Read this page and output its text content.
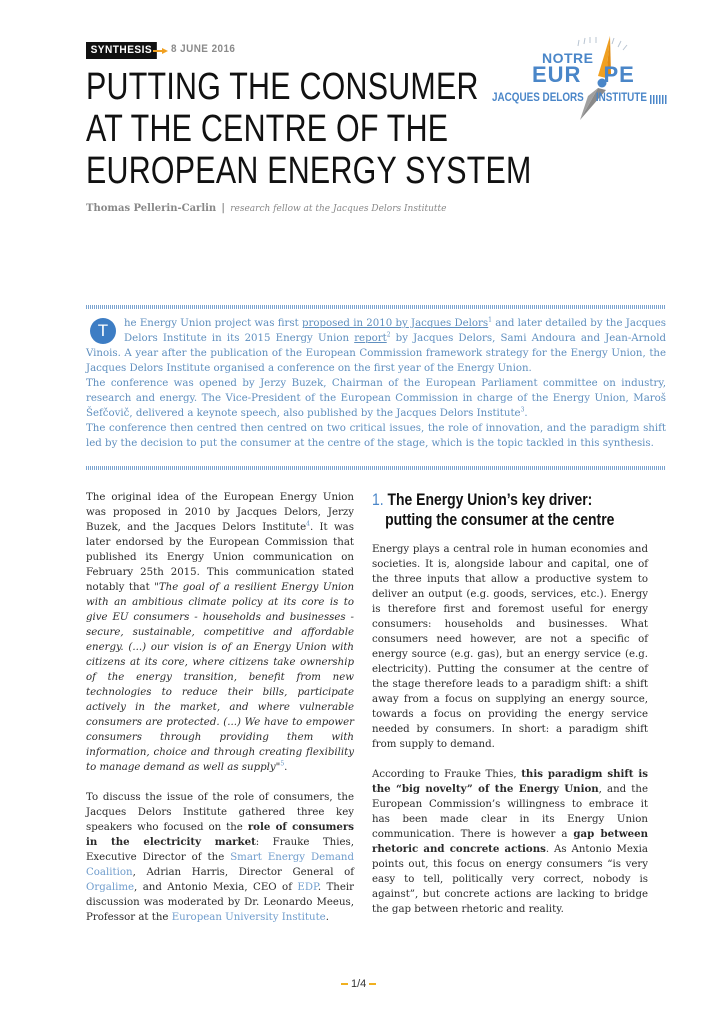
SYNTHESIS	8 JUNE 2016
PUTTING THE CONSUMER
AT THE CENTRE OF THE
EUROPEAN ENERGY SYSTEM
Thomas Pellerin-Carlin | research fellow at the Jacques Delors Institutte
NOTRE
EUR PE
JACQUES DELORS INSTITUTE

T	he Energy Union project was first proposed in 2010 by Jacques Delors$^1$ and later detailed by the Jacques Delors Institute in its 2015 Energy Union report$^2$ by Jacques Delors, Sami Andoura and Jean-Arnold Vinois. A year after the publication of the European Commission framework strategy for the Energy Union, the Jacques Delors Institute organised a conference on the first year of the Energy Union.

The conference was opened by Jerzy Buzek, Chairman of the European Parliament committee on industry, research and energy. The Vice-President of the European Commission in charge of the Energy Union, Maroš Šefčovič, delivered a keynote speech, also published by the Jacques Delors Institute$^3$.

The conference then centred then centred on two critical issues, the role of innovation, and the paradigm shift led by the decision to put the consumer at the centre of the stage, which is the topic tackled in this synthesis.

The original idea of the European Energy Union was proposed in 2010 by Jacques Delors, Jerzy Buzek, and the Jacques Delors Institute$^4$. It was later endorsed by the European Commission that published its Energy Union communication on February 25th 2015. This communication stated notably that "The goal of a resilient Energy Union with an ambitious climate policy at its core is to give EU consumers - households and businesses - secure, sustainable, competitive and affordable energy. (...) our vision is of an Energy Union with citizens at its core, where citizens take ownership of the energy transition, benefit from new technologies to reduce their bills, participate actively in the market, and where vulnerable consumers are protected. (...) We have to empower consumers through providing them with information, choice and through creating flexibility to manage demand as well as supply"$^5$.

To discuss the issue of the role of consumers, the Jacques Delors Institute gathered three key speakers who focused on the role of consumers in the electricity market: Frauke Thies, Executive Director of the Smart Energy Demand Coalition, Adrian Harris, Director General of Orgalime, and Antonio Mexia, CEO of EDP. Their discussion was moderated by Dr. Leonardo Meeus, Professor at the European University Institute.

1. The Energy Union’s key driver:
putting the consumer at the centre

Energy plays a central role in human economies and societies. It is, alongside labour and capital, one of the three inputs that allow a productive system to deliver an output (e.g. goods, services, etc.). Energy is therefore first and foremost useful for energy consumers: households and businesses. What consumers need however, are not a specific of energy source (e.g. gas), but an energy service (e.g. electricity). Putting the consumer at the centre of the stage therefore leads to a paradigm shift: a shift away from a focus on supplying an energy source, towards a focus on providing the energy service needed by consumers. In short: a paradigm shift from supply to demand.

According to Frauke Thies, this paradigm shift is the “big novelty” of the Energy Union, and the European Commission’s willingness to embrace it has been made clear in its Energy Union communication. There is however a gap between rhetoric and concrete actions. As Antonio Mexia points out, this focus on energy consumers “is very easy to tell, politically very correct, nobody is against”, but concrete actions are lacking to bridge the gap between rhetoric and reality.

1/4
